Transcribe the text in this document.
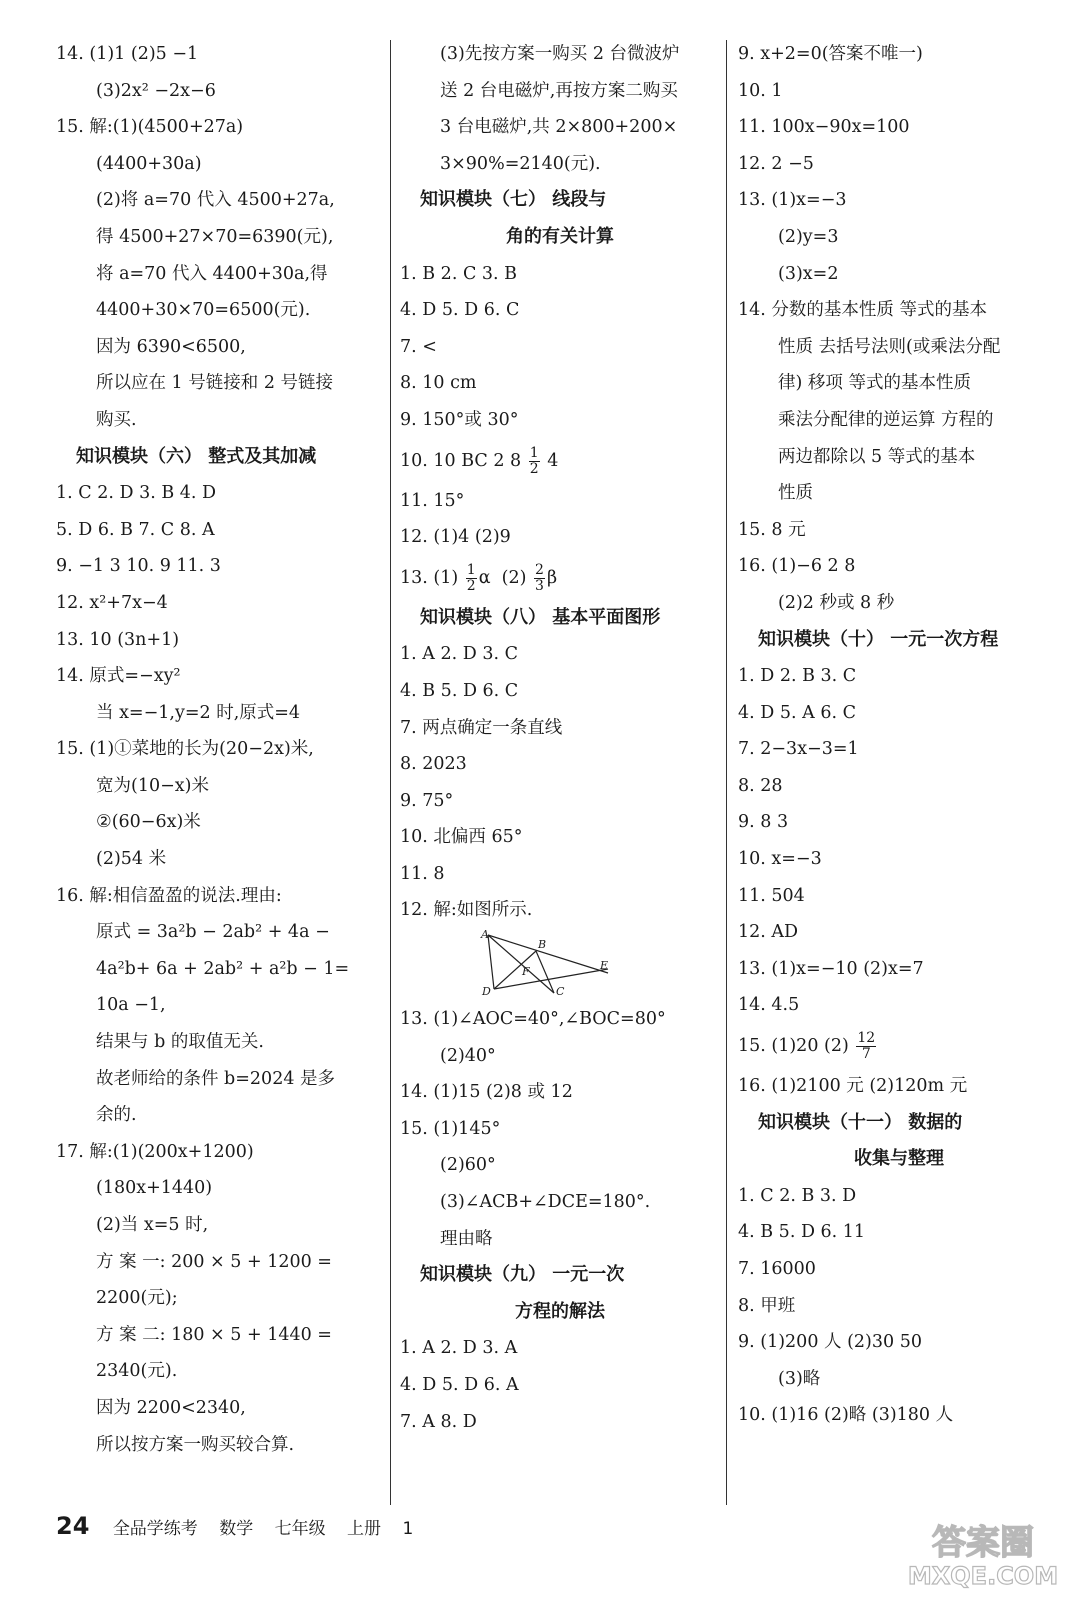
14. (1)1 (2)5 −1
(3)2x² −2x−6
15. 解:(1)(4500+27a)
(4400+30a)
(2)将 a=70 代入 4500+27a,
得 4500+27×70=6390(元),
将 a=70 代入 4400+30a,得
4400+30×70=6500(元).
因为 6390<6500,
所以应在 1 号链接和 2 号链接
购买.
知识模块（六） 整式及其加减
1. C 2. D 3. B 4. D
5. D 6. B 7. C 8. A
9. −1 3 10. 9 11. 3
12. x²+7x−4
13. 10 (3n+1)
14. 原式=−xy²
当 x=−1,y=2 时,原式=4
15. (1)①菜地的长为(20−2x)米,
宽为(10−x)米
②(60−6x)米
(2)54 米
16. 解:相信盈盈的说法.理由:
原式 = 3a²b − 2ab² + 4a −
4a²b+ 6a + 2ab² + a²b − 1=
10a −1,
结果与 b 的取值无关.
故老师给的条件 b=2024 是多
余的.
17. 解:(1)(200x+1200)
(180x+1440)
(2)当 x=5 时,
方 案 一: 200 × 5 + 1200 =
2200(元);
方 案 二: 180 × 5 + 1440 =
2340(元).
因为 2200<2340,
所以按方案一购买较合算.
(3)先按方案一购买 2 台微波炉
送 2 台电磁炉,再按方案二购买
3 台电磁炉,共 2×800+200×
3×90%=2140(元).
知识模块（七） 线段与
角的有关计算
1. B 2. C 3. B
4. D 5. D 6. C
7. <
8. 10 cm
9. 150°或 30°
10. 10 BC 2 $8 \frac{1}{2} 4$
11. 15°
12. (1)4 (2)9
13. $(1) \frac{1}{2}$ α $(2) \frac{2}{3}$ β
知识模块（八） 基本平面图形
1. A 2. D 3. C
4. B 5. D 6. C
7. 两点确定一条直线
8. 2023
9. 75°
10. 北偏西 65°
11. 8
12. 解:如图所示.
A
B
F	E
D	C
13. (1)∠AOC=40°,∠BOC=80°
(2)40°
14. (1)15 (2)8 或 12
15. (1)145°
(2)60°
(3)∠ACB+∠DCE=180°.
理由略
知识模块（九） 一元一次
方程的解法
1. A 2. D 3. A
4. D 5. D 6. A
7. A 8. D
9. x+2=0(答案不唯一)
10. 1
11. 100x−90x=100
12. 2 −5
13. (1)x=−3
(2)y=3
(3)x=2
14. 分数的基本性质 等式的基本
性质 去括号法则(或乘法分配
律) 移项 等式的基本性质
乘法分配律的逆运算 方程的
两边都除以 5 等式的基本
性质
15. 8 元
16. (1)−6 2 8
(2)2 秒或 8 秒
知识模块（十） 一元一次方程
1. D 2. B 3. C
4. D 5. A 6. C
7. 2−3x−3=1
8. 28
9. 8 3
10. x=−3
11. 504
12. AD
13. (1)x=−10 (2)x=7
14. 4.5
15. (1)20 $(2) \frac{12}{7}$
16. (1)2100 元 (2)120m 元
知识模块（十一） 数据的
收集与整理
1. C 2. B 3. D
4. B 5. D 6. 11
7. 16000
8. 甲班
9. (1)200 人 (2)30 50
(3)略
10. (1)16 (2)略 (3)180 人
24 全品学练考 数学 七年级 上册 1	答案圈
MXQE.COM
